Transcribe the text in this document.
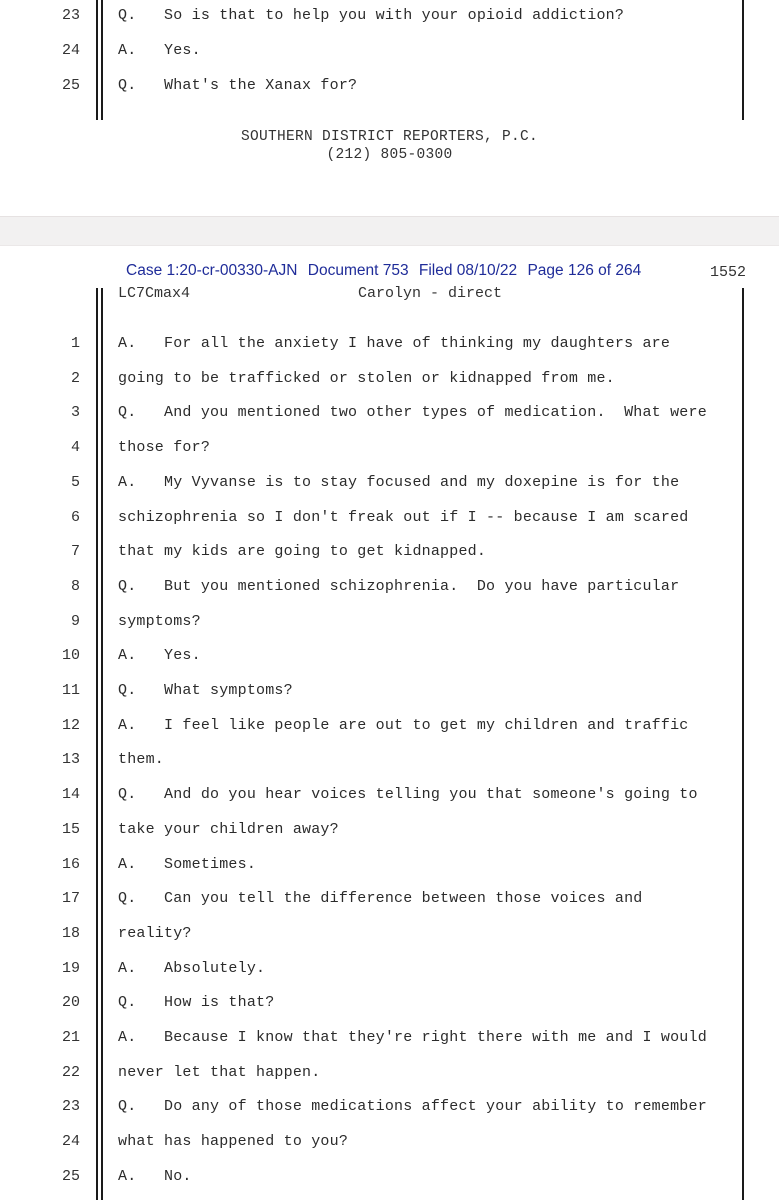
23	Q.   So is that to help you with your opioid addiction?
24	A.   Yes.
25	Q.   What's the Xanax for?
SOUTHERN DISTRICT REPORTERS, P.C.
(212) 805-0300
Case 1:20-cr-00330-AJN Document 753 Filed 08/10/22 Page 126 of 264	1552
LC7Cmax4	Carolyn - direct
1	A.   For all the anxiety I have of thinking my daughters are
2	going to be trafficked or stolen or kidnapped from me.
3	Q.   And you mentioned two other types of medication.  What were
4	those for?
5	A.   My Vyvanse is to stay focused and my doxepine is for the
6	schizophrenia so I don't freak out if I -- because I am scared
7	that my kids are going to get kidnapped.
8	Q.   But you mentioned schizophrenia.  Do you have particular
9	symptoms?
10	A.   Yes.
11	Q.   What symptoms?
12	A.   I feel like people are out to get my children and traffic
13	them.
14	Q.   And do you hear voices telling you that someone's going to
15	take your children away?
16	A.   Sometimes.
17	Q.   Can you tell the difference between those voices and
18	reality?
19	A.   Absolutely.
20	Q.   How is that?
21	A.   Because I know that they're right there with me and I would
22	never let that happen.
23	Q.   Do any of those medications affect your ability to remember
24	what has happened to you?
25	A.   No.
